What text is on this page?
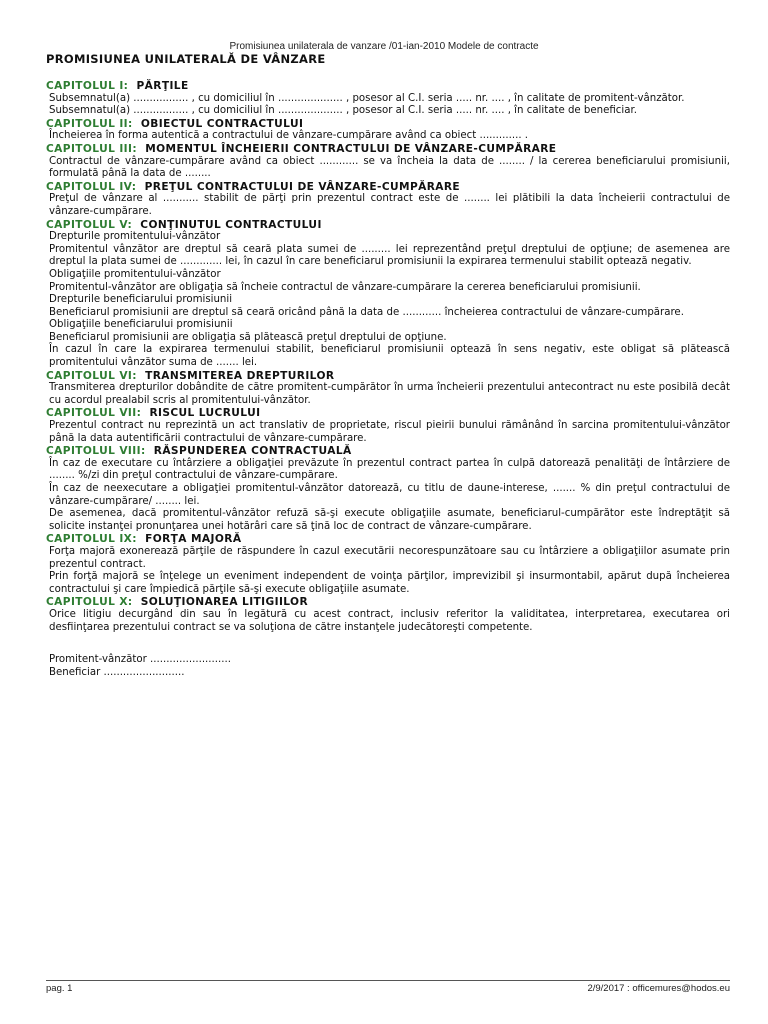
Promisiunea unilaterala de vanzare /01-ian-2010 Modele de contracte
PROMISIUNEA UNILATERALĂ DE VÂNZARE
CAPITOLUL I: PĂRŢILE
Subsemnatul(a) ................. , cu domiciliul în .................... , posesor al C.I. seria ..... nr. .... , în calitate de promitent-vânzător.
Subsemnatul(a) ................. , cu domiciliul în .................... , posesor al C.I. seria ..... nr. .... , în calitate de beneficiar.
CAPITOLUL II: OBIECTUL CONTRACTULUI
Încheierea în forma autentică a contractului de vânzare-cumpărare având ca obiect ............. .
CAPITOLUL III: MOMENTUL ÎNCHEIERII CONTRACTULUI DE VÂNZARE-CUMPĂRARE
Contractul de vânzare-cumpărare având ca obiect ............ se va încheia la data de ........ / la cererea beneficiarului promisiunii, formulată până la data de ........
CAPITOLUL IV: PREŢUL CONTRACTULUI DE VÂNZARE-CUMPĂRARE
Preţul de vânzare al ........... stabilit de părţi prin prezentul contract este de ........ lei plătibili la data încheierii contractului de vânzare-cumpărare.
CAPITOLUL V: CONŢINUTUL CONTRACTULUI
Drepturile promitentului-vânzător
Promitentul vânzător are dreptul să ceară plata sumei de ......... lei reprezentând preţul dreptului de opţiune; de asemenea are dreptul la plata sumei de ............. lei, în cazul în care beneficiarul promisiunii la expirarea termenului stabilit optează negativ.
Obligaţiile promitentului-vânzător
Promitentul-vânzător are obligaţia să încheie contractul de vânzare-cumpărare la cererea beneficiarului promisiunii.
Drepturile beneficiarului promisiunii
Beneficiarul promisiunii are dreptul să ceară oricând până la data de ............ încheierea contractului de vânzare-cumpărare.
Obligaţiile beneficiarului promisiunii
Beneficiarul promisiunii are obligaţia să plătească preţul dreptului de opţiune.
În cazul în care la expirarea termenului stabilit, beneficiarul promisiunii optează în sens negativ, este obligat să plătească promitentului vânzător suma de ....... lei.
CAPITOLUL VI: TRANSMITEREA DREPTURILOR
Transmiterea drepturilor dobândite de către promitent-cumpărător în urma încheierii prezentului antecontract nu este posibilă decât cu acordul prealabil scris al promitentului-vânzător.
CAPITOLUL VII: RISCUL LUCRULUI
Prezentul contract nu reprezintă un act translativ de proprietate, riscul pieirii bunului rămânând în sarcina promitentului-vânzător până la data autentificării contractului de vânzare-cumpărare.
CAPITOLUL VIII: RĂSPUNDEREA CONTRACTUALĂ
În caz de executare cu întârziere a obligaţiei prevăzute în prezentul contract partea în culpă datorează penalităţi de întârziere de ........ %/zi din preţul contractului de vânzare-cumpărare.
În caz de neexecutare a obligaţiei promitentul-vânzător datorează, cu titlu de daune-interese, ....... % din preţul contractului de vânzare-cumpărare/ ........ lei.
De asemenea, dacă promitentul-vânzător refuză să-şi execute obligaţiile asumate, beneficiarul-cumpărător este îndreptăţit să solicite instanţei pronunţarea unei hotărâri care să ţină loc de contract de vânzare-cumpărare.
CAPITOLUL IX: FORŢA MAJORĂ
Forţa majoră exonerează părţile de răspundere în cazul executării necorespunzătoare sau cu întârziere a obligaţiilor asumate prin prezentul contract.
Prin forţă majoră se înţelege un eveniment independent de voinţa părţilor, imprevizibil şi insurmontabil, apărut după încheierea contractului şi care împiedică părţile să-şi execute obligaţiile asumate.
CAPITOLUL X: SOLUŢIONAREA LITIGIILOR
Orice litigiu decurgând din sau în legătură cu acest contract, inclusiv referitor la validitatea, interpretarea, executarea ori desfiinţarea prezentului contract se va soluţiona de către instanţele judecătoreşti competente.
Promitent-vânzător .........................
Beneficiar .........................
pag. 1	2/9/2017 : officemures@hodos.eu
